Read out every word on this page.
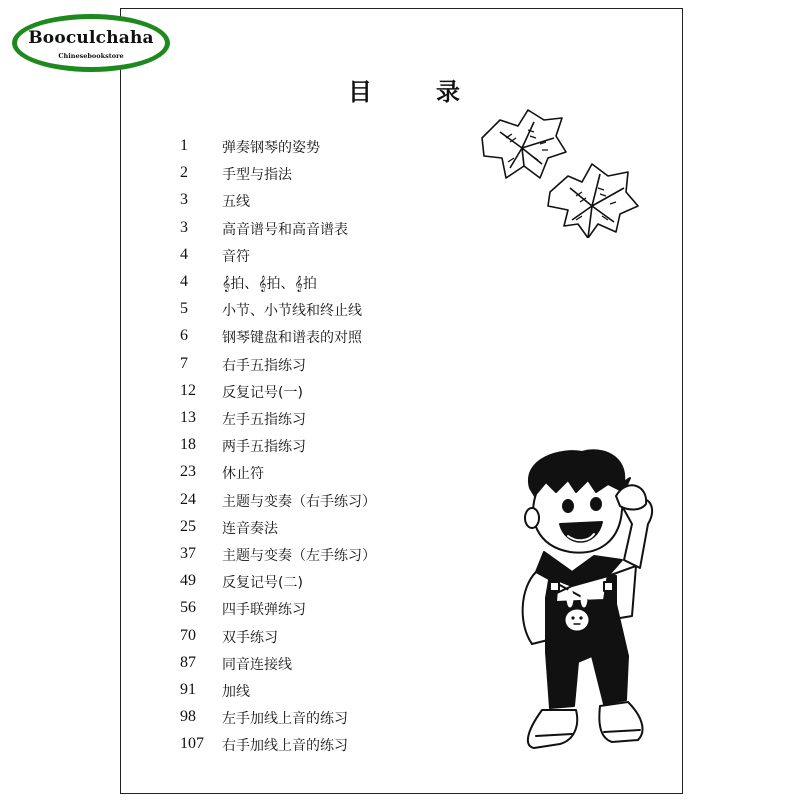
Booculchaha
Chinesebookstore
目录
1	弹奏钢琴的姿势
2	手型与指法
3	五线
3	高音谱号和高音谱表
4	音符
4	𝄞拍、𝄞拍、𝄞拍
5	小节、小节线和终止线
6	钢琴键盘和谱表的对照
7	右手五指练习
12	反复记号(一)
13	左手五指练习
18	两手五指练习
23	休止符
24	主题与变奏（右手练习）
25	连音奏法
37	主题与变奏（左手练习）
49	反复记号(二)
56	四手联弹练习
70	双手练习
87	同音连接线
91	加线
98	左手加线上音的练习
107	右手加线上音的练习
